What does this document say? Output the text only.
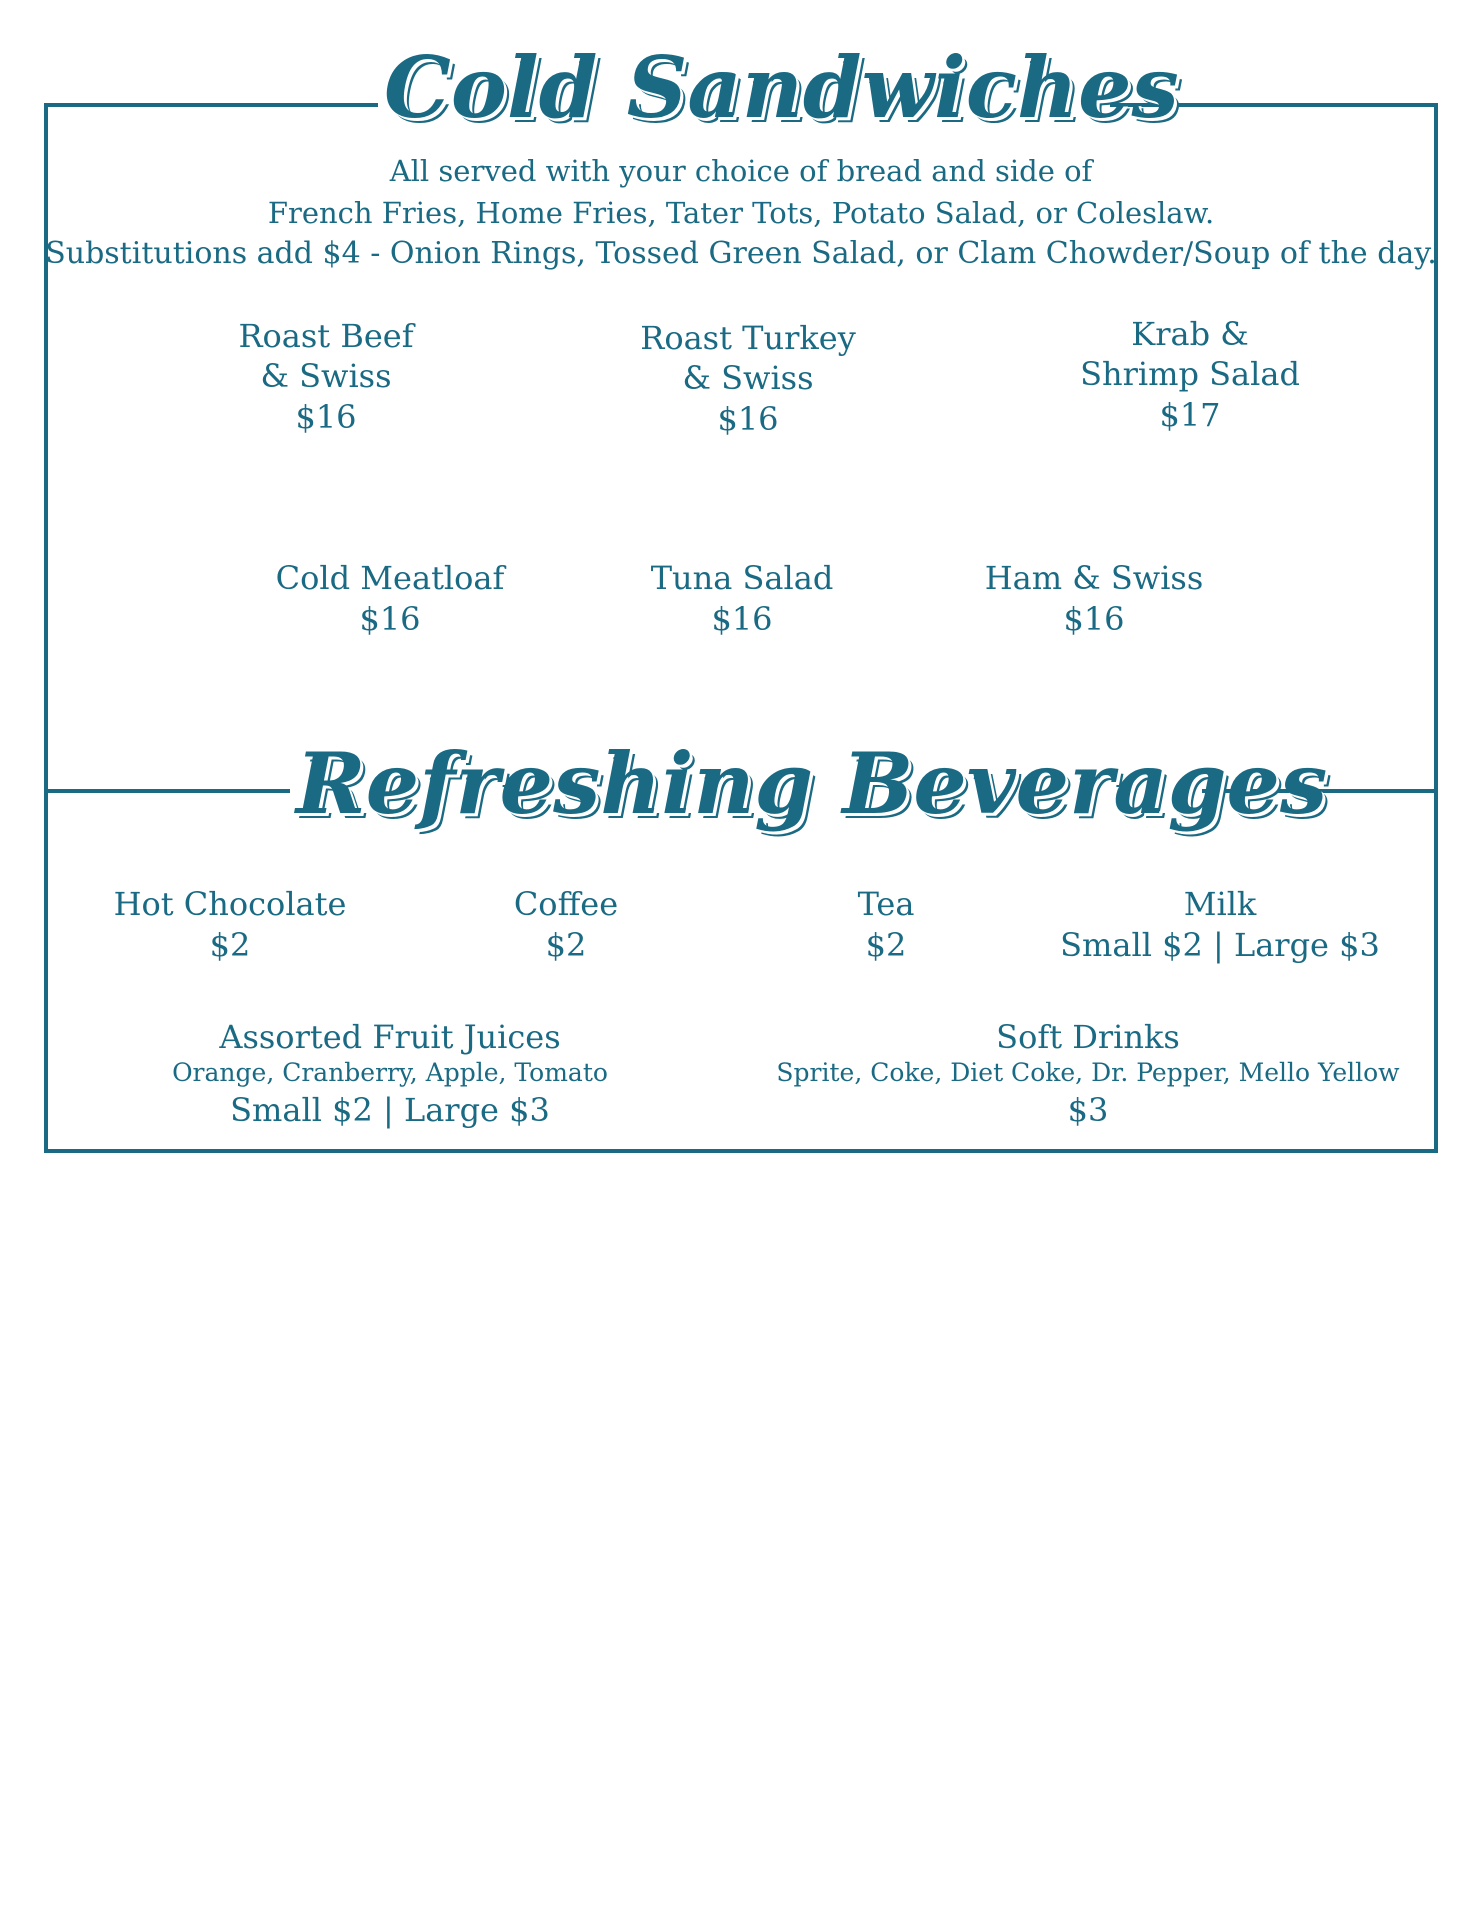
Cold Sandwiches
All served with your choice of bread and side of
French Fries, Home Fries, Tater Tots, Potato Salad, or Coleslaw.
Substitutions add $4 - Onion Rings, Tossed Green Salad, or Clam Chowder/Soup of the day.
Roast Beef
& Swiss
$16
Roast Turkey
& Swiss
$16
Krab &
Shrimp Salad
$17
Cold Meatloaf
$16
Tuna Salad
$16
Ham & Swiss
$16
Refreshing Beverages
Hot Chocolate
$2
Coffee
$2
Tea
$2
Milk
Small $2 | Large $3
Assorted Fruit Juices
Orange, Cranberry, Apple, Tomato
Small $2 | Large $3
Soft Drinks
Sprite, Coke, Diet Coke, Dr. Pepper, Mello Yellow
$3
